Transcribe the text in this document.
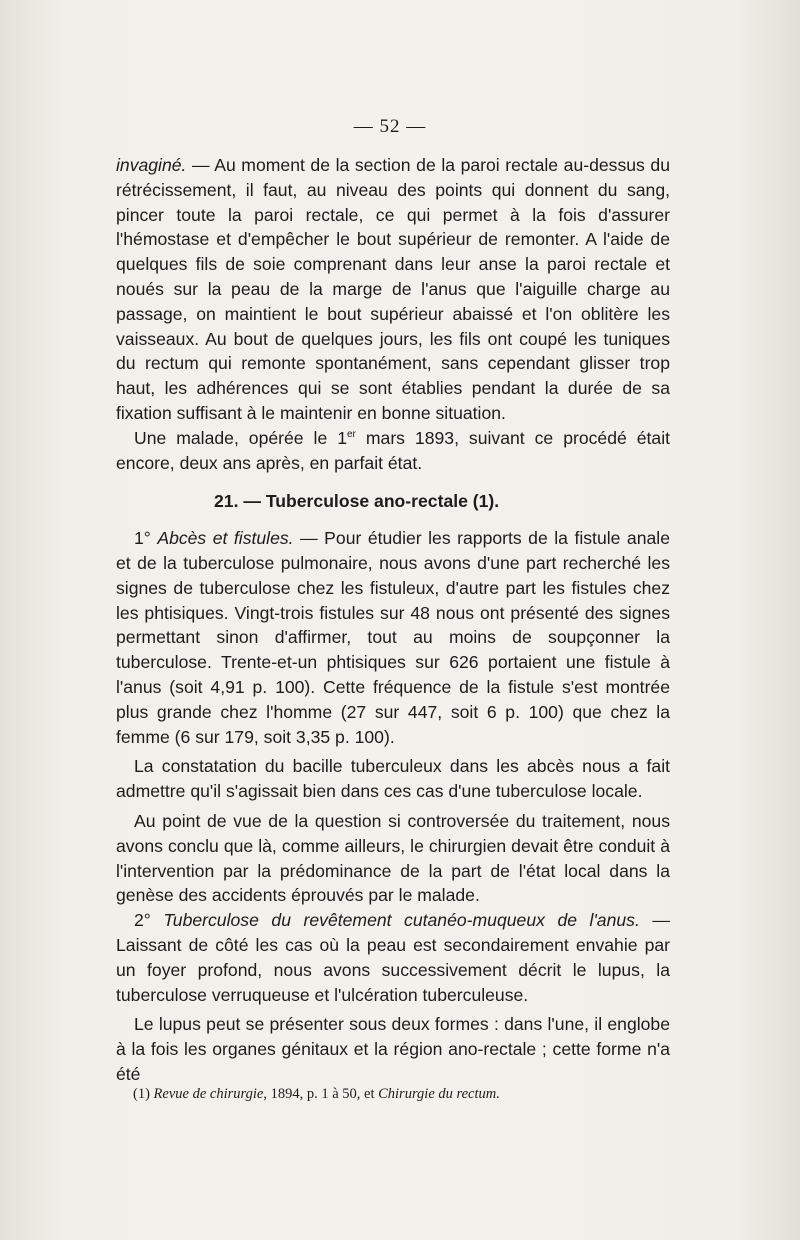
— 52 —

invaginé. — Au moment de la section de la paroi rectale au-dessus du rétrécissement, il faut, au niveau des points qui donnent du sang, pincer toute la paroi rectale, ce qui permet à la fois d'assurer l'hémostase et d'empêcher le bout supérieur de remonter. A l'aide de quelques fils de soie comprenant dans leur anse la paroi rectale et noués sur la peau de la marge de l'anus que l'aiguille charge au passage, on maintient le bout supérieur abaissé et l'on oblitère les vaisseaux. Au bout de quelques jours, les fils ont coupé les tuniques du rectum qui remonte spontanément, sans cependant glisser trop haut, les adhérences qui se sont établies pendant la durée de sa fixation suffisant à le maintenir en bonne situation.

Une malade, opérée le 1er mars 1893, suivant ce procédé était encore, deux ans après, en parfait état.

21. — Tuberculose ano-rectale (1).

1° Abcès et fistules. — Pour étudier les rapports de la fistule anale et de la tuberculose pulmonaire, nous avons d'une part recherché les signes de tuberculose chez les fistuleux, d'autre part les fistules chez les phtisiques. Vingt-trois fistules sur 48 nous ont présenté des signes permettant sinon d'affirmer, tout au moins de soupçonner la tuberculose. Trente-et-un phtisiques sur 626 portaient une fistule à l'anus (soit 4,91 p. 100). Cette fréquence de la fistule s'est montrée plus grande chez l'homme (27 sur 447, soit 6 p. 100) que chez la femme (6 sur 179, soit 3,35 p. 100).

La constatation du bacille tuberculeux dans les abcès nous a fait admettre qu'il s'agissait bien dans ces cas d'une tuberculose locale.

Au point de vue de la question si controversée du traitement, nous avons conclu que là, comme ailleurs, le chirurgien devait être conduit à l'intervention par la prédominance de la part de l'état local dans la genèse des accidents éprouvés par le malade.

2° Tuberculose du revêtement cutanéo-muqueux de l'anus. — Laissant de côté les cas où la peau est secondairement envahie par un foyer profond, nous avons successivement décrit le lupus, la tuberculose verruqueuse et l'ulcération tuberculeuse.

Le lupus peut se présenter sous deux formes : dans l'une, il englobe à la fois les organes génitaux et la région ano-rectale ; cette forme n'a été

(1) Revue de chirurgie, 1894, p. 1 à 50, et Chirurgie du rectum.
